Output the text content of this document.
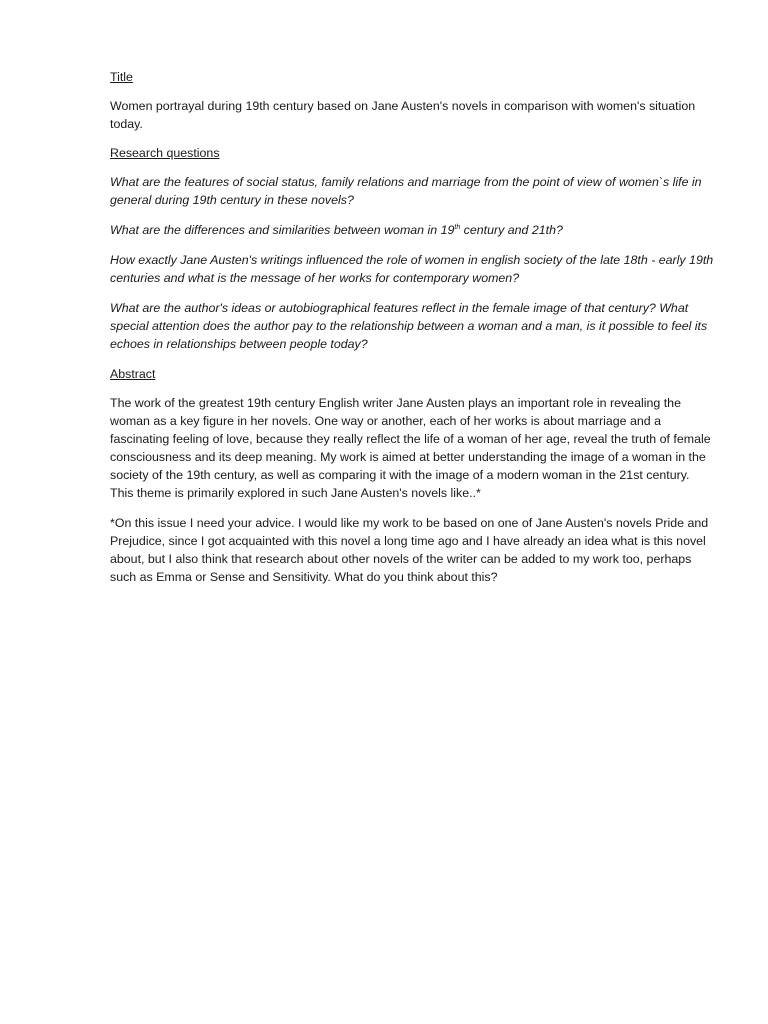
Title

Women portrayal during 19th century based on Jane Austen's novels in comparison with women's situation today.

Research questions

What are the features of social status, family relations and marriage from the point of view of women`s life in general during 19th century in these novels?

What are the differences and similarities between woman in 19th century and 21th?

How exactly Jane Austen's writings influenced the role of women in english society of the late 18th - early 19th centuries and what is the message of her works for contemporary women?

What are the author's ideas or autobiographical features reflect in the female image of that century? What special attention does the author pay to the relationship between a woman and a man, is it possible to feel its echoes in relationships between people today?

Abstract

The work of the greatest 19th century English writer Jane Austen plays an important role in revealing the woman as a key figure in her novels. One way or another, each of her works is about marriage and a fascinating feeling of love, because they really reflect the life of a woman of her age, reveal the truth of female consciousness and its deep meaning. My work is aimed at better understanding the image of a woman in the society of the 19th century, as well as comparing it with the image of a modern woman in the 21st century. This theme is primarily explored in such Jane Austen's novels like..*

*On this issue I need your advice. I would like my work to be based on one of Jane Austen's novels Pride and Prejudice, since I got acquainted with this novel a long time ago and I have already an idea what is this novel about, but I also think that research about other novels of the writer can be added to my work too, perhaps such as Emma or Sense and Sensitivity. What do you think about this?
